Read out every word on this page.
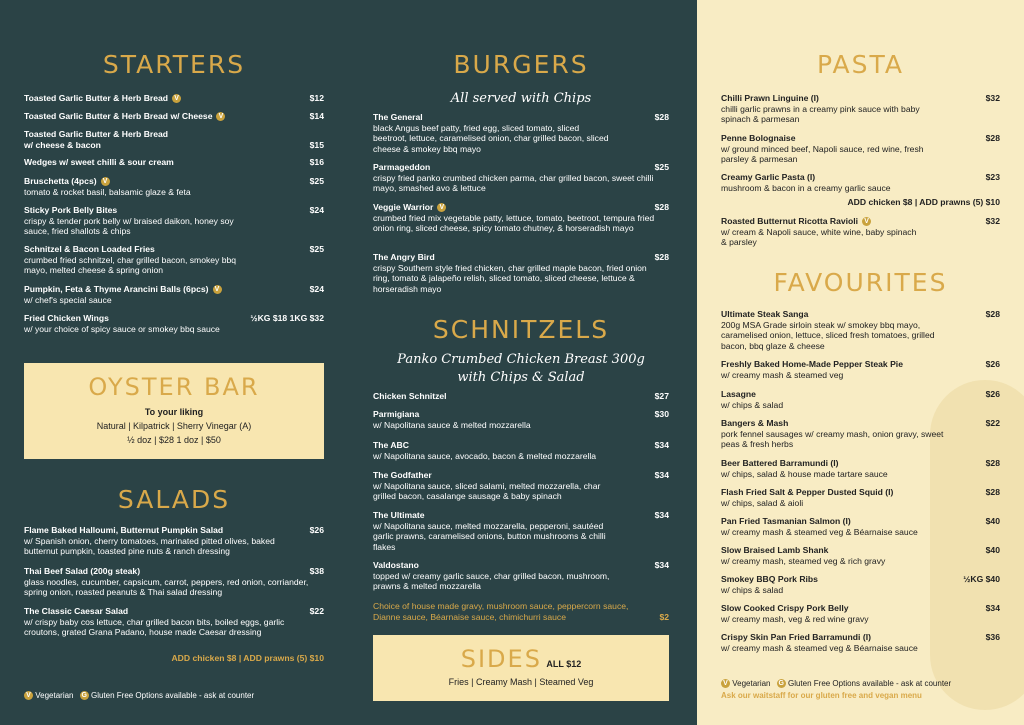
STARTERS
Toasted Garlic Butter & Herb Bread V	$12
Toasted Garlic Butter & Herb Bread w/ Cheese V	$14
Toasted Garlic Butter & Herb Bread
w/ cheese & bacon	$15
Wedges w/ sweet chilli & sour cream	$16
Bruschetta (4pcs) V	$25
tomato & rocket basil, balsamic glaze & feta
Sticky Pork Belly Bites	$24
crispy & tender pork belly w/ braised daikon, honey soy sauce, fried shallots & chips
Schnitzel & Bacon Loaded Fries	$25
crumbed fried schnitzel, char grilled bacon, smokey bbq mayo, melted cheese & spring onion
Pumpkin, Feta & Thyme Arancini Balls (6pcs) V	$24
w/ chef's special sauce
Fried Chicken Wings	½KG $18 1KG $32
w/ your choice of spicy sauce or smokey bbq sauce
OYSTER BAR
To your liking
Natural | Kilpatrick | Sherry Vinegar (A)
½ doz | $28 1 doz | $50
SALADS
Flame Baked Halloumi, Butternut Pumpkin Salad	$26
w/ Spanish onion, cherry tomatoes, marinated pitted olives, baked butternut pumpkin, toasted pine nuts & ranch dressing
Thai Beef Salad (200g steak)	$38
glass noodles, cucumber, capsicum, carrot, peppers, red onion, corriander, spring onion, roasted peanuts & Thai salad dressing
The Classic Caesar Salad	$22
w/ crispy baby cos lettuce, char grilled bacon bits, boiled eggs, garlic croutons, grated Grana Padano, house made Caesar dressing
ADD chicken $8 | ADD prawns (5) $10
V Vegetarian G Gluten Free Options available - ask at counter
BURGERS
All served with Chips
The General	$28
black Angus beef patty, fried egg, sliced tomato, sliced beetroot, lettuce, caramelised onion, char grilled bacon, sliced cheese & smokey bbq mayo
Parmageddon	$25
crispy fried panko crumbed chicken parma, char grilled bacon, sweet chilli mayo, smashed avo & lettuce
Veggie Warrior V	$28
crumbed fried mix vegetable patty, lettuce, tomato, beetroot, tempura fried onion ring, sliced cheese, spicy tomato chutney, & horseradish mayo
The Angry Bird	$28
crispy Southern style fried chicken, char grilled maple bacon, fried onion ring, tomato & jalapeño relish, sliced tomato, sliced cheese, lettuce & horseradish mayo
SCHNITZELS
Panko Crumbed Chicken Breast 300g
with Chips & Salad
Chicken Schnitzel	$27
Parmigiana	$30
w/ Napolitana sauce & melted mozzarella
The ABC	$34
w/ Napolitana sauce, avocado, bacon & melted mozzarella
The Godfather	$34
w/ Napolitana sauce, sliced salami, melted mozzarella, char grilled bacon, casalange sausage & baby spinach
The Ultimate	$34
w/ Napolitana sauce, melted mozzarella, pepperoni, sautéed garlic prawns, caramelised onions, button mushrooms & chilli flakes
Valdostano	$34
topped w/ creamy garlic sauce, char grilled bacon, mushroom, prawns & melted mozzarella
Choice of house made gravy, mushroom sauce, peppercorn sauce, Dianne sauce, Béarnaise sauce, chimichurri sauce	$2
SIDES ALL $12
Fries | Creamy Mash | Steamed Veg
PASTA
Chilli Prawn Linguine (I)	$32
chilli garlic prawns in a creamy pink sauce with baby spinach & parmesan
Penne Bolognaise	$28
w/ ground minced beef, Napoli sauce, red wine, fresh parsley & parmesan
Creamy Garlic Pasta (I)	$23
mushroom & bacon in a creamy garlic sauce
ADD chicken $8 | ADD prawns (5) $10
Roasted Butternut Ricotta Ravioli V	$32
w/ cream & Napoli sauce, white wine, baby spinach & parsley
FAVOURITES
Ultimate Steak Sanga	$28
200g MSA Grade sirloin steak w/ smokey bbq mayo, caramelised onion, lettuce, sliced fresh tomatoes, grilled bacon, bbq glaze & cheese
Freshly Baked Home-Made Pepper Steak Pie	$26
w/ creamy mash & steamed veg
Lasagne	$26
w/ chips & salad
Bangers & Mash	$22
pork fennel sausages w/ creamy mash, onion gravy, sweet peas & fresh herbs
Beer Battered Barramundi (I)	$28
w/ chips, salad & house made tartare sauce
Flash Fried Salt & Pepper Dusted Squid (I)	$28
w/ chips, salad & aioli
Pan Fried Tasmanian Salmon (I)	$40
w/ creamy mash & steamed veg & Béarnaise sauce
Slow Braised Lamb Shank	$40
w/ creamy mash, steamed veg & rich gravy
Smokey BBQ Pork Ribs	½KG $40
w/ chips & salad
Slow Cooked Crispy Pork Belly	$34
w/ creamy mash, veg & red wine gravy
Crispy Skin Pan Fried Barramundi (I)	$36
w/ creamy mash & steamed veg & Béarnaise sauce
V Vegetarian G Gluten Free Options available - ask at counter
Ask our waitstaff for our gluten free and vegan menu
